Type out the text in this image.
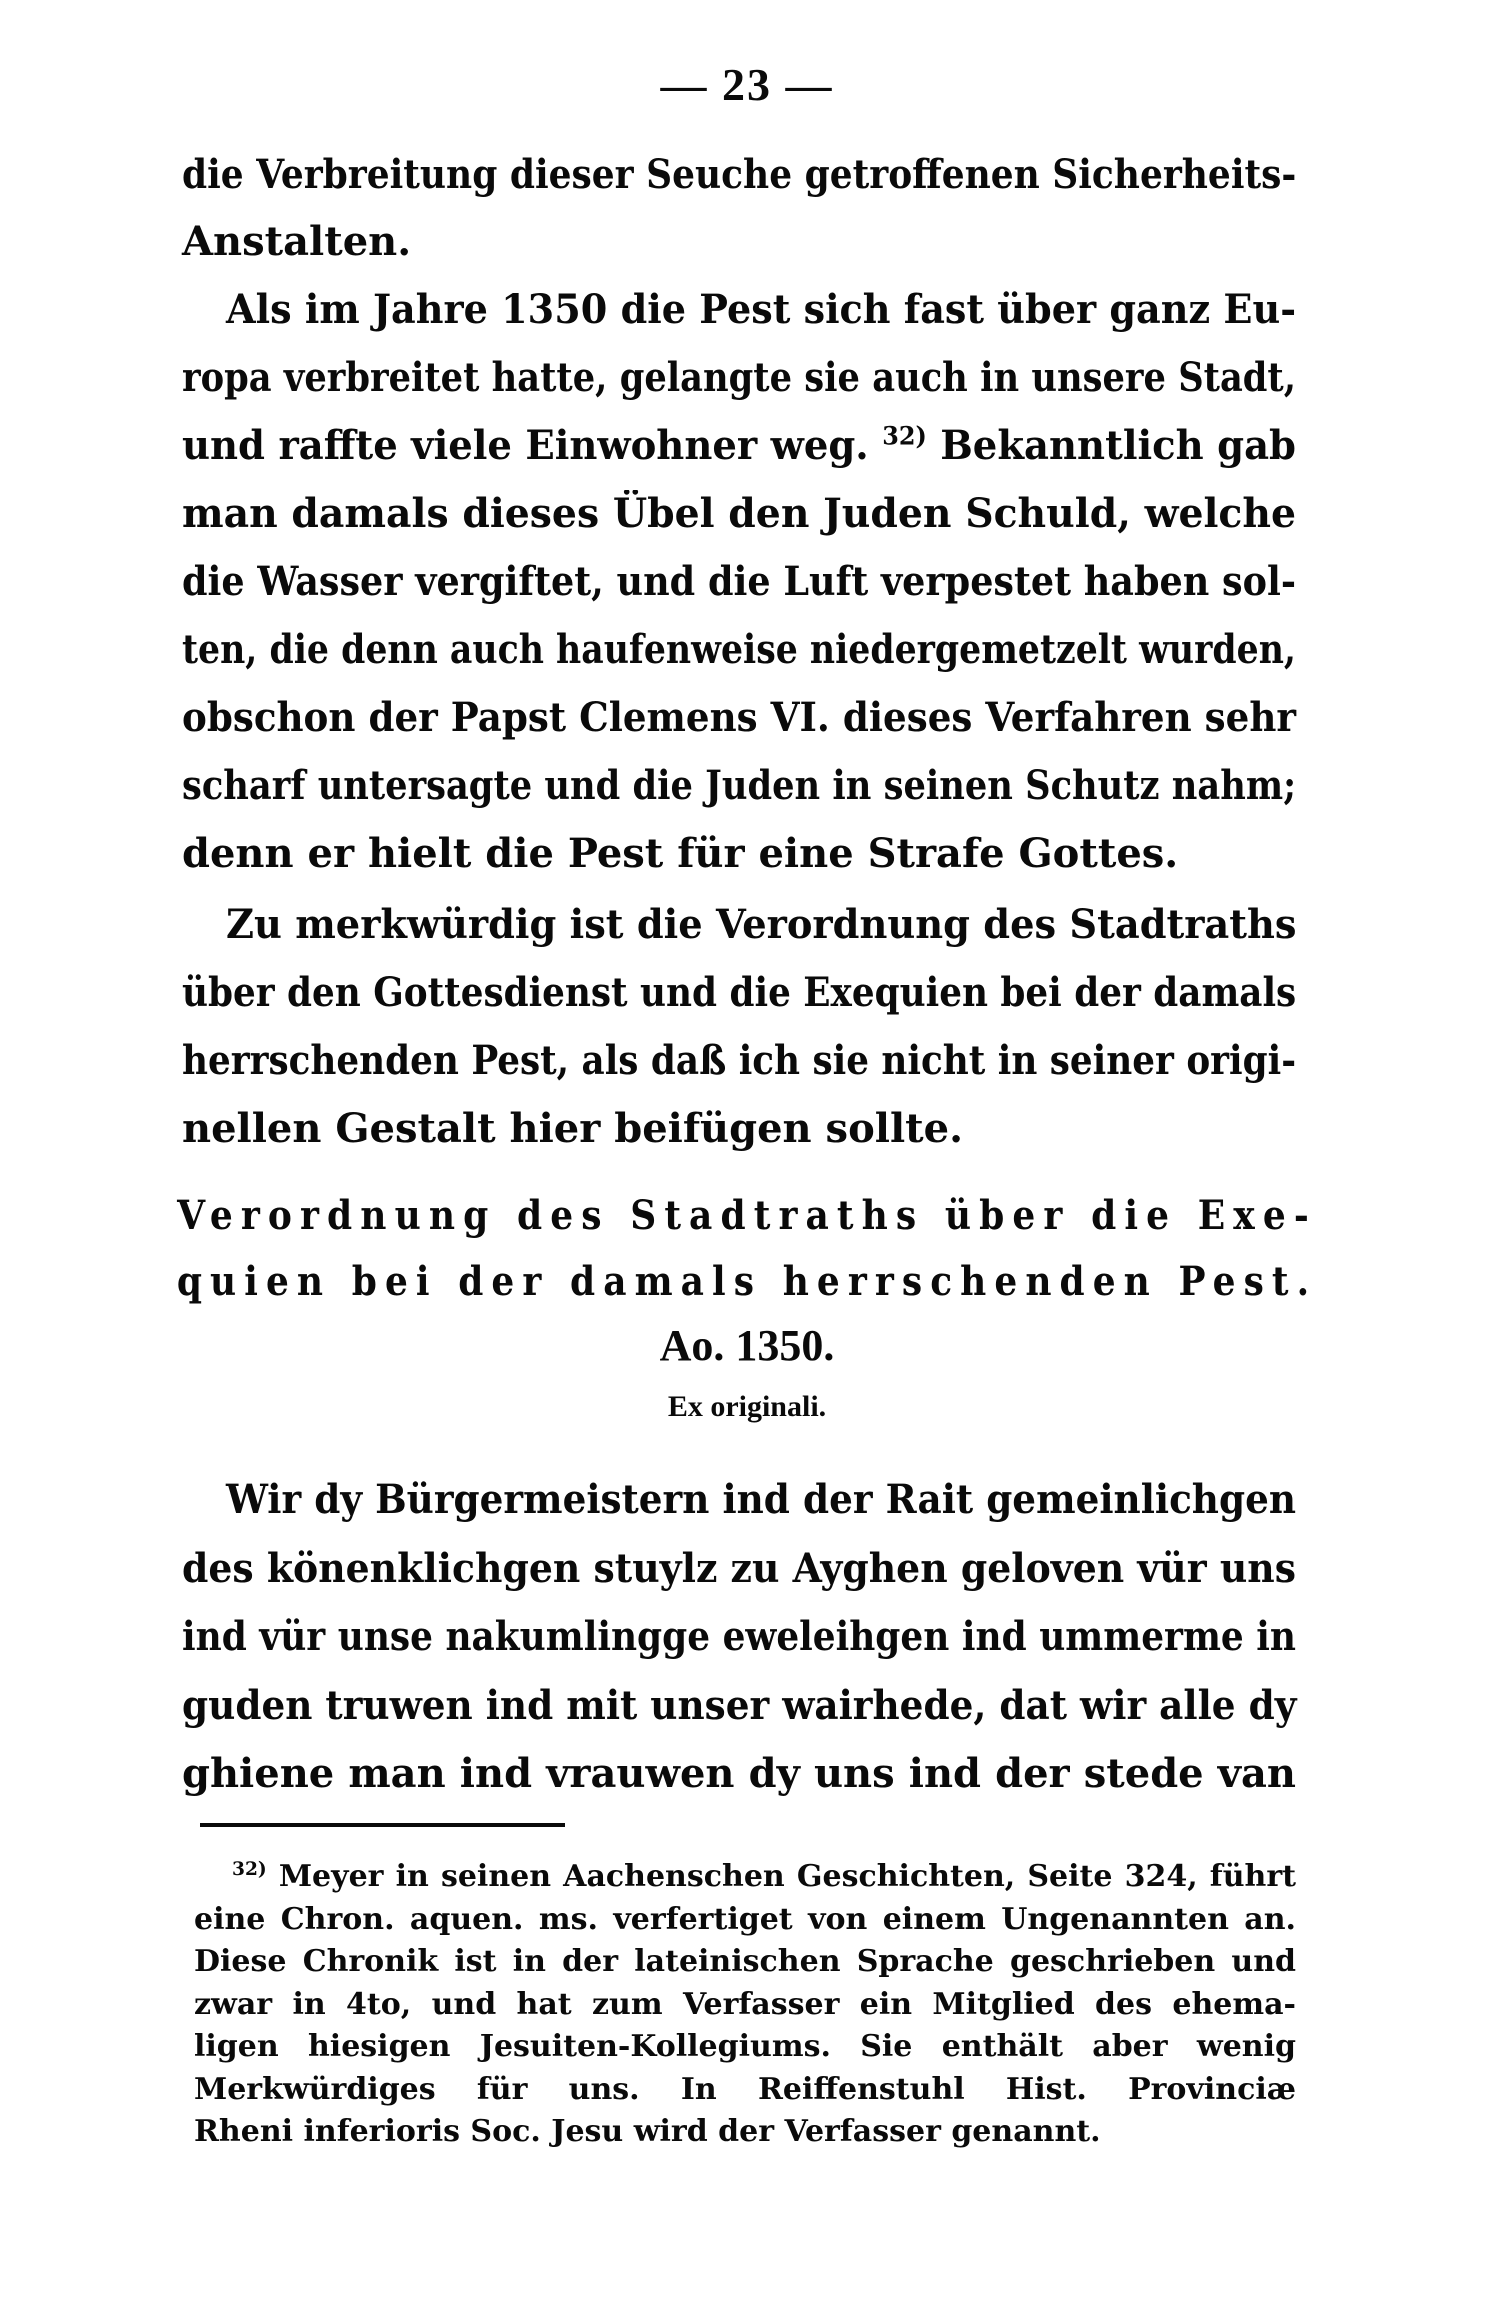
— 23 —
die Verbreitung dieser Seuche getroffenen Sicherheits-
Anstalten.
Als im Jahre 1350 die Pest sich fast über ganz Eu-
ropa verbreitet hatte, gelangte sie auch in unsere Stadt,
und raffte viele Einwohner weg. $^{32)}$ Bekanntlich gab
man damals dieses Übel den Juden Schuld, welche
die Wasser vergiftet, und die Luft verpestet haben sol-
ten, die denn auch haufenweise niedergemetzelt wurden,
obschon der Papst Clemens VI. dieses Verfahren sehr
scharf untersagte und die Juden in seinen Schutz nahm;
denn er hielt die Pest für eine Strafe Gottes.
Zu merkwürdig ist die Verordnung des Stadtraths
über den Gottesdienst und die Exequien bei der damals
herrschenden Pest, als daß ich sie nicht in seiner origi-
nellen Gestalt hier beifügen sollte.
Verordnung des Stadtraths über die Exe-
quien bei der damals herrschenden Pest.
Ao. 1350.
Ex originali.
Wir dy Bürgermeistern ind der Rait gemeinlichgen
des könenklichgen stuylz zu Ayghen geloven vür uns
ind vür unse nakumlingge eweleihgen ind ummerme in
guden truwen ind mit unser wairhede, dat wir alle dy
ghiene man ind vrauwen dy uns ind der stede van
$^{32)}$ Meyer in seinen Aachenschen Geschichten, Seite 324, führt
eine Chron. aquen. ms. verfertiget von einem Ungenannten an.
Diese Chronik ist in der lateinischen Sprache geschrieben und
zwar in 4to, und hat zum Verfasser ein Mitglied des ehema-
ligen hiesigen Jesuiten-Kollegiums. Sie enthält aber wenig
Merkwürdiges für uns. In Reiffenstuhl Hist. Provinciæ
Rheni inferioris Soc. Jesu wird der Verfasser genannt.
